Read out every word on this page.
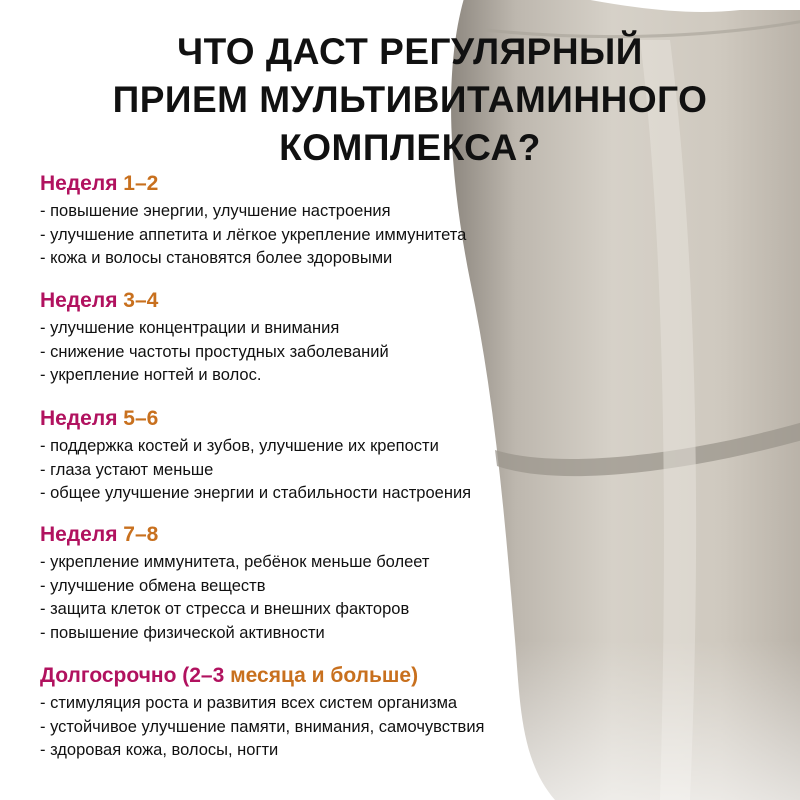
ЧТО ДАСТ РЕГУЛЯРНЫЙ
ПРИЕМ МУЛЬТИВИТАМИННОГО
КОМПЛЕКСА?
Неделя 1–2
- повышение энергии, улучшение настроения
- улучшение аппетита и лёгкое укрепление иммунитета
- кожа и волосы становятся более здоровыми
Неделя 3–4
- улучшение концентрации и внимания
- снижение частоты простудных заболеваний
- укрепление ногтей и волос.
Неделя 5–6
- поддержка костей и зубов, улучшение их крепости
- глаза устают меньше
- общее улучшение энергии и стабильности настроения
Неделя 7–8
- укрепление иммунитета, ребёнок меньше болеет
- улучшение обмена веществ
- защита клеток от стресса и внешних факторов
- повышение физической активности
Долгосрочно (2–3 месяца и больше)
- стимуляция роста и развития всех систем организма
- устойчивое улучшение памяти, внимания, самочувствия
- здоровая кожа, волосы, ногти
